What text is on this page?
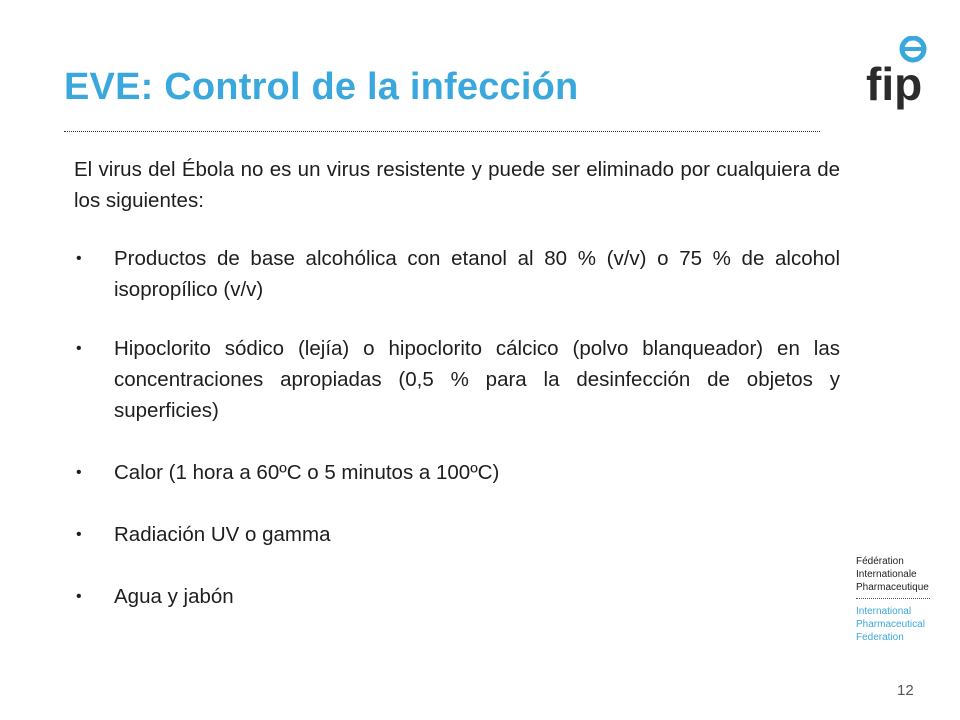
EVE: Control de la infección	fip

El virus del Ébola no es un virus resistente y puede ser eliminado por cualquiera de los siguientes:

• Productos de base alcohólica con etanol al 80 % (v/v) o 75 % de alcohol isopropílico (v/v)
• Hipoclorito sódico (lejía) o hipoclorito cálcico (polvo blanqueador) en las concentraciones apropiadas (0,5 % para la desinfección de objetos y superficies)
• Calor (1 hora a 60ºC o 5 minutos a 100ºC)
• Radiación UV o gamma
• Agua y jabón
Fédération
Internationale
Pharmaceutique
International
Pharmaceutical
Federation
12
